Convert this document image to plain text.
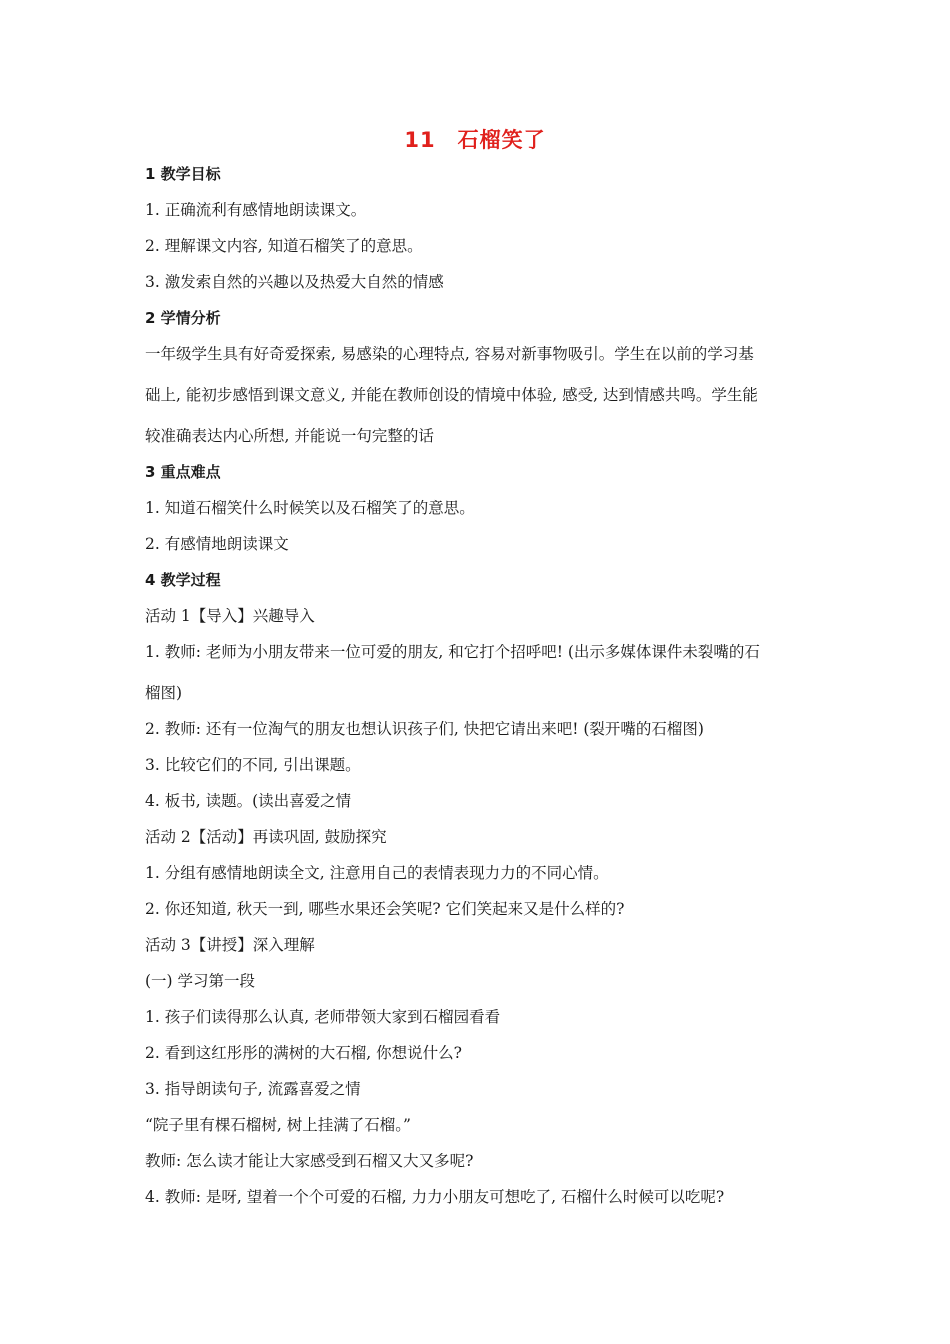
11　石榴笑了
1 教学目标
1. 正确流利有感情地朗读课文。
2. 理解课文内容, 知道石榴笑了的意思。
3. 激发索自然的兴趣以及热爱大自然的情感
2 学情分析
一年级学生具有好奇爱探索, 易感染的心理特点, 容易对新事物吸引。学生在以前的学习基
础上, 能初步感悟到课文意义, 并能在教师创设的情境中体验, 感受, 达到情感共鸣。学生能
较准确表达内心所想, 并能说一句完整的话
3 重点难点
1. 知道石榴笑什么时候笑以及石榴笑了的意思。
2. 有感情地朗读课文
4 教学过程
活动 1【导入】兴趣导入
1. 教师: 老师为小朋友带来一位可爱的朋友, 和它打个招呼吧! (出示多媒体课件未裂嘴的石
榴图)
2. 教师: 还有一位淘气的朋友也想认识孩子们, 快把它请出来吧! (裂开嘴的石榴图)
3. 比较它们的不同, 引出课题。
4. 板书, 读题。(读出喜爱之情
活动 2【活动】再读巩固, 鼓励探究
1. 分组有感情地朗读全文, 注意用自己的表情表现力力的不同心情。
2. 你还知道, 秋天一到, 哪些水果还会笑呢? 它们笑起来又是什么样的?
活动 3【讲授】深入理解
(一) 学习第一段
1. 孩子们读得那么认真, 老师带领大家到石榴园看看
2. 看到这红彤彤的满树的大石榴, 你想说什么?
3. 指导朗读句子, 流露喜爱之情
“院子里有棵石榴树, 树上挂满了石榴。”
教师: 怎么读才能让大家感受到石榴又大又多呢?
4. 教师: 是呀, 望着一个个可爱的石榴, 力力小朋友可想吃了, 石榴什么时候可以吃呢?
